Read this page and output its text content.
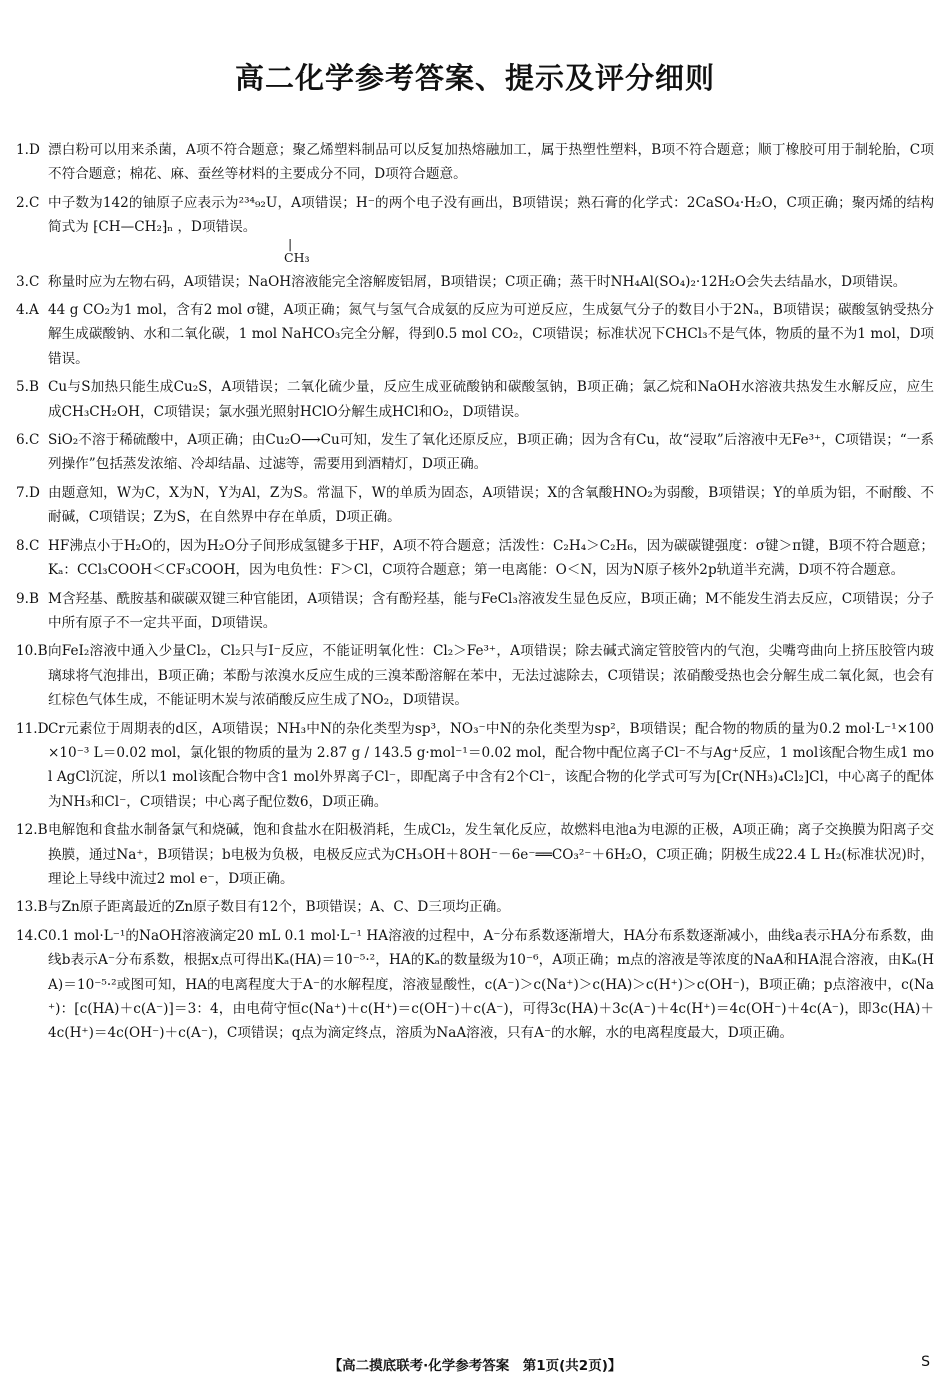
高二化学参考答案、提示及评分细则
1.D 漂白粉可以用来杀菌，A项不符合题意；聚乙烯塑料制品可以反复加热熔融加工，属于热塑性塑料，B项不符合题意；顺丁橡胶可用于制轮胎，C项不符合题意；棉花、麻、蚕丝等材料的主要成分不同，D项符合题意。
2.C 中子数为142的铀原子应表示为²³⁴₉₂U，A项错误；H⁻的两个电子没有画出，B项错误；熟石膏的化学式：2CaSO₄·H₂O，C项正确；聚丙烯的结构简式为 ⁅CH—CH₂⁆ₙ ，D项错误。
|
CH₃
3.C 称量时应为左物右码，A项错误；NaOH溶液能完全溶解废铝屑，B项错误；C项正确；蒸干时NH₄Al(SO₄)₂·12H₂O会失去结晶水，D项错误。
4.A 44 g CO₂为1 mol，含有2 mol σ键，A项正确；氮气与氢气合成氨的反应为可逆反应，生成氨气分子的数目小于2Nₐ，B项错误；碳酸氢钠受热分解生成碳酸钠、水和二氧化碳，1 mol NaHCO₃完全分解，得到0.5 mol CO₂，C项错误；标准状况下CHCl₃不是气体，物质的量不为1 mol，D项错误。
5.B Cu与S加热只能生成Cu₂S，A项错误；二氧化硫少量，反应生成亚硫酸钠和碳酸氢钠，B项正确；氯乙烷和NaOH水溶液共热发生水解反应，应生成CH₃CH₂OH，C项错误；氯水强光照射HClO分解生成HCl和O₂，D项错误。
6.C SiO₂不溶于稀硫酸中，A项正确；由Cu₂O⟶Cu可知，发生了氧化还原反应，B项正确；因为含有Cu，故“浸取”后溶液中无Fe³⁺，C项错误；“一系列操作”包括蒸发浓缩、冷却结晶、过滤等，需要用到酒精灯，D项正确。
7.D 由题意知，W为C，X为N，Y为Al，Z为S。常温下，W的单质为固态，A项错误；X的含氧酸HNO₂为弱酸，B项错误；Y的单质为铝，不耐酸、不耐碱，C项错误；Z为S，在自然界中存在单质，D项正确。
8.C HF沸点小于H₂O的，因为H₂O分子间形成氢键多于HF，A项不符合题意；活泼性：C₂H₄＞C₂H₆，因为碳碳键强度：σ键＞π键，B项不符合题意；Kₐ：CCl₃COOH＜CF₃COOH，因为电负性：F＞Cl，C项符合题意；第一电离能：O＜N，因为N原子核外2p轨道半充满，D项不符合题意。
9.B M含羟基、酰胺基和碳碳双键三种官能团，A项错误；含有酚羟基，能与FeCl₃溶液发生显色反应，B项正确；M不能发生消去反应，C项错误；分子中所有原子不一定共平面，D项错误。
10.B 向FeI₂溶液中通入少量Cl₂，Cl₂只与I⁻反应，不能证明氧化性：Cl₂＞Fe³⁺，A项错误；除去碱式滴定管胶管内的气泡，尖嘴弯曲向上挤压胶管内玻璃球将气泡排出，B项正确；苯酚与浓溴水反应生成的三溴苯酚溶解在苯中，无法过滤除去，C项错误；浓硝酸受热也会分解生成二氧化氮，也会有红棕色气体生成，不能证明木炭与浓硝酸反应生成了NO₂，D项错误。
11.D Cr元素位于周期表的d区，A项错误；NH₃中N的杂化类型为sp³，NO₃⁻中N的杂化类型为sp²，B项错误；配合物的物质的量为0.2 mol·L⁻¹×100×10⁻³ L＝0.02 mol，氯化银的物质的量为 2.87 g / 143.5 g·mol⁻¹＝0.02 mol，配合物中配位离子Cl⁻不与Ag⁺反应，1 mol该配合物生成1 mol AgCl沉淀，所以1 mol该配合物中含1 mol外界离子Cl⁻，即配离子中含有2个Cl⁻，该配合物的化学式可写为[Cr(NH₃)₄Cl₂]Cl，中心离子的配体为NH₃和Cl⁻，C项错误；中心离子配位数6，D项正确。
12.B 电解饱和食盐水制备氯气和烧碱，饱和食盐水在阳极消耗，生成Cl₂，发生氧化反应，故燃料电池a为电源的正极，A项正确；离子交换膜为阳离子交换膜，通过Na⁺，B项错误；b电极为负极，电极反应式为CH₃OH＋8OH⁻－6e⁻══CO₃²⁻＋6H₂O，C项正确；阴极生成22.4 L H₂(标准状况)时，理论上导线中流过2 mol e⁻，D项正确。
13.B 与Zn原子距离最近的Zn原子数目有12个，B项错误；A、C、D三项均正确。
14.C 0.1 mol·L⁻¹的NaOH溶液滴定20 mL 0.1 mol·L⁻¹ HA溶液的过程中，A⁻分布系数逐渐增大，HA分布系数逐渐减小，曲线a表示HA分布系数，曲线b表示A⁻分布系数，根据x点可得出Kₐ(HA)＝10⁻⁵·²，HA的Kₐ的数量级为10⁻⁶，A项正确；m点的溶液是等浓度的NaA和HA混合溶液，由Kₐ(HA)＝10⁻⁵·²或图可知，HA的电离程度大于A⁻的水解程度，溶液显酸性，c(A⁻)＞c(Na⁺)＞c(HA)＞c(H⁺)＞c(OH⁻)，B项正确；p点溶液中，c(Na⁺)：[c(HA)＋c(A⁻)]＝3：4，由电荷守恒c(Na⁺)＋c(H⁺)＝c(OH⁻)＋c(A⁻)，可得3c(HA)＋3c(A⁻)＋4c(H⁺)＝4c(OH⁻)＋4c(A⁻)，即3c(HA)＋4c(H⁺)＝4c(OH⁻)＋c(A⁻)，C项错误；q点为滴定终点，溶质为NaA溶液，只有A⁻的水解，水的电离程度最大，D项正确。
【高二摸底联考·化学参考答案　第1页(共2页)】	S
